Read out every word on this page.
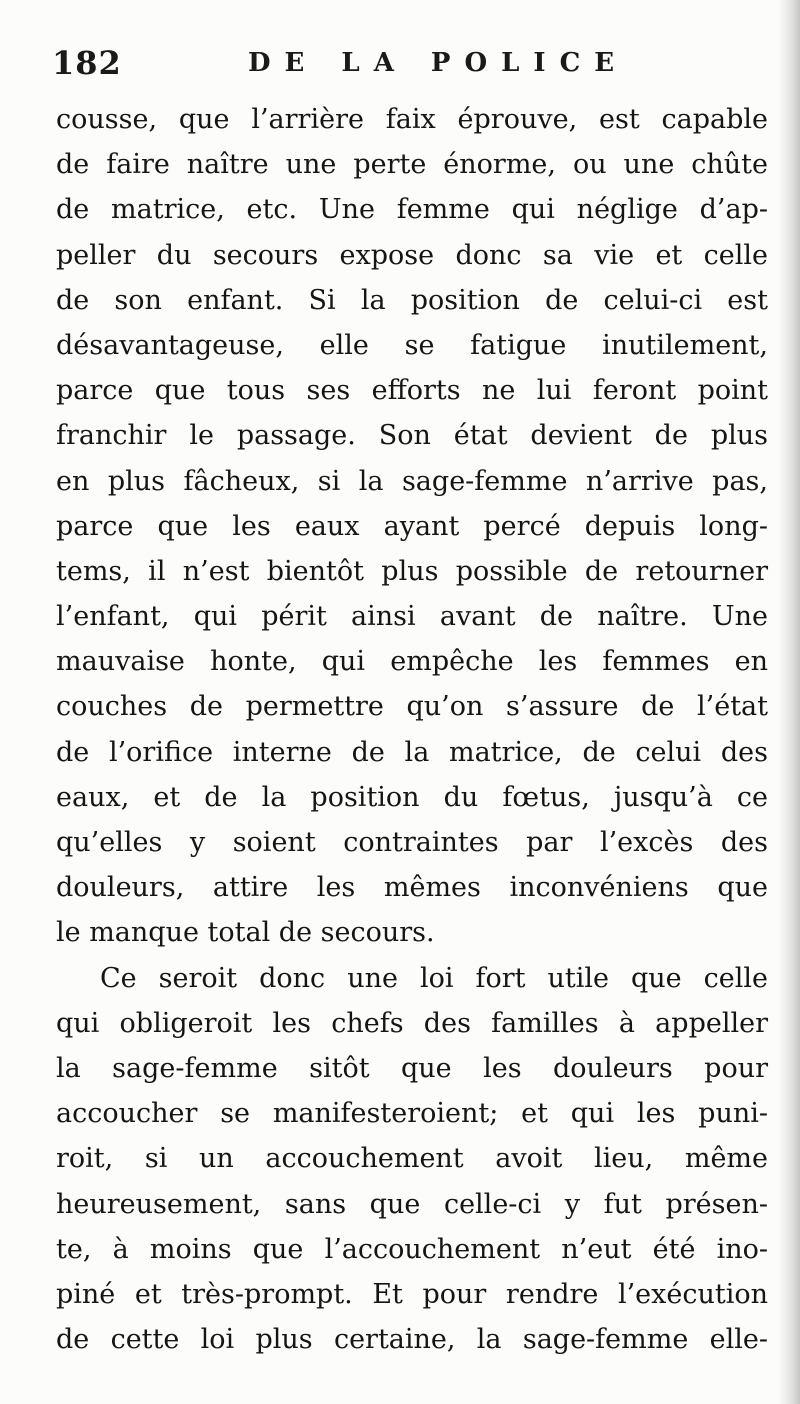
182	DE LA POLICE
cousse, que l’arrière faix éprouve, est capable
de faire naître une perte énorme, ou une chûte
de matrice, etc. Une femme qui néglige d’ap-
peller du secours expose donc sa vie et celle
de son enfant. Si la position de celui-ci est
désavantageuse, elle se fatigue inutilement,
parce que tous ses efforts ne lui feront point
franchir le passage. Son état devient de plus
en plus fâcheux, si la sage-femme n’arrive pas,
parce que les eaux ayant percé depuis long-
tems, il n’est bientôt plus possible de retourner
l’enfant, qui périt ainsi avant de naître. Une
mauvaise honte, qui empêche les femmes en
couches de permettre qu’on s’assure de l’état
de l’orifice interne de la matrice, de celui des
eaux, et de la position du fœtus, jusqu’à ce
qu’elles y soient contraintes par l’excès des
douleurs, attire les mêmes inconvéniens que
le manque total de secours.
Ce seroit donc une loi fort utile que celle
qui obligeroit les chefs des familles à appeller
la sage-femme sitôt que les douleurs pour
accoucher se manifesteroient; et qui les puni-
roit, si un accouchement avoit lieu, même
heureusement, sans que celle-ci y fut présen-
te, à moins que l’accouchement n’eut été ino-
piné et très-prompt. Et pour rendre l’exécution
de cette loi plus certaine, la sage-femme elle-
